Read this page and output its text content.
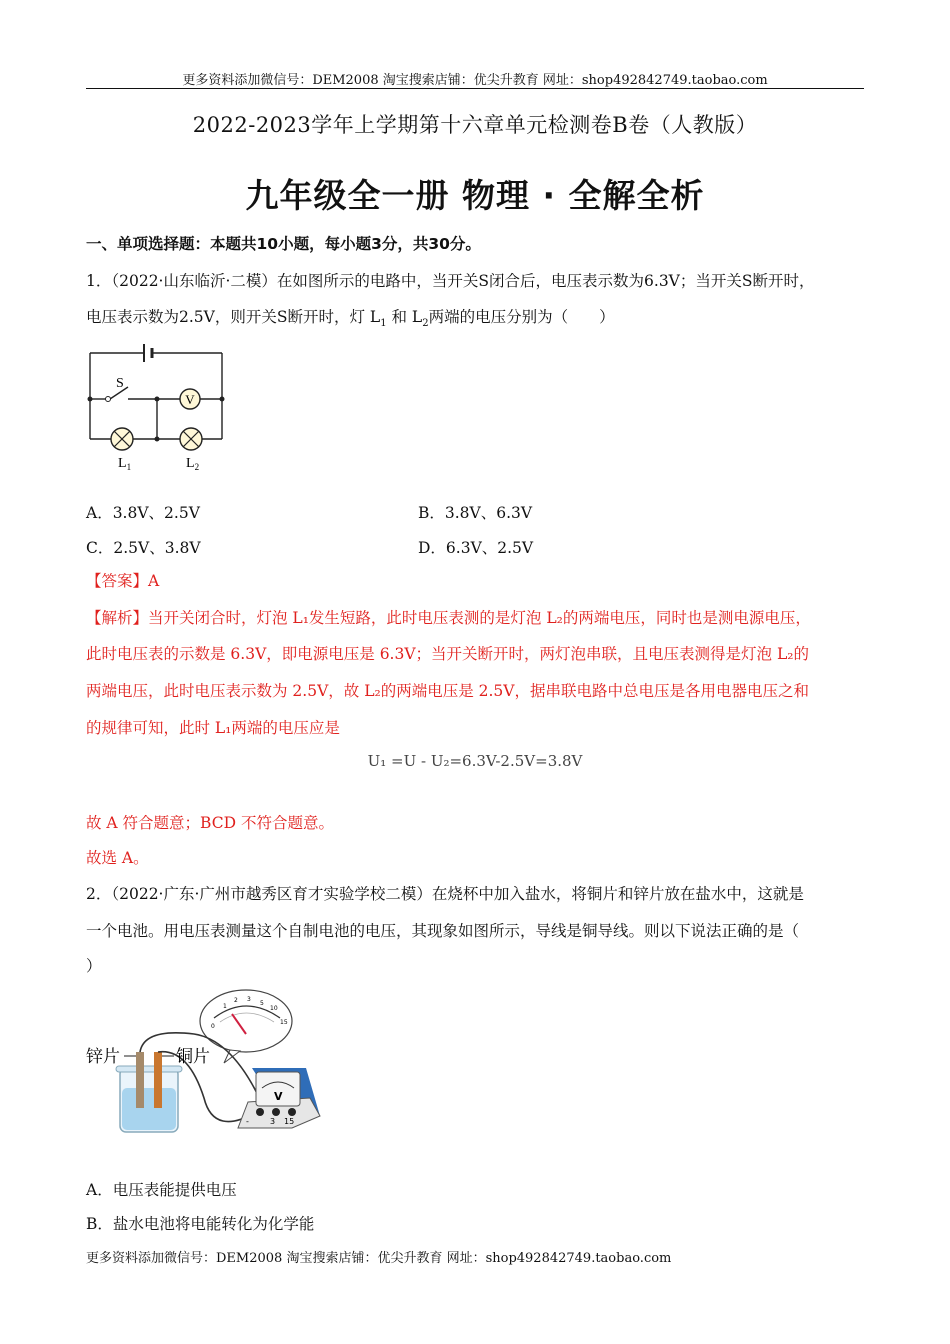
更多资料添加微信号：DEM2008 淘宝搜索店铺：优尖升教育 网址：shop492842749.taobao.com
2022-2023学年上学期第十六章单元检测卷B卷（人教版）
九年级全一册 物理 · 全解全析
一、单项选择题：本题共10小题，每小题3分，共30分。
1．（2022·山东临沂·二模）在如图所示的电路中，当开关S闭合后，电压表示数为6.3V；当开关S断开时，
电压表示数为2.5V，则开关S断开时，灯 $L_1$ 和 $L_2$两端的电压分别为（　　）
V
S
$L_1$	$L_2$
A．3.8V、2.5V	B．3.8V、6.3V
C．2.5V、3.8V	D．6.3V、2.5V
【答案】A
【解析】当开关闭合时，灯泡 L₁发生短路，此时电压表测的是灯泡 L₂的两端电压，同时也是测电源电压，
此时电压表的示数是 6.3V，即电源电压是 6.3V；当开关断开时，两灯泡串联，且电压表测得是灯泡 L₂的
两端电压，此时电压表示数为 2.5V，故 L₂的两端电压是 2.5V，据串联电路中总电压是各用电器电压之和
的规律可知，此时 L₁两端的电压应是
U₁ =U - U₂=6.3V-2.5V=3.8V
故 A 符合题意；BCD 不符合题意。
故选 A。
2．（2022·广东·广州市越秀区育才实验学校二模）在烧杯中加入盐水，将铜片和锌片放在盐水中，这就是
一个电池。用电压表测量这个自制电池的电压，其现象如图所示，导线是铜导线。则以下说法正确的是（
）
0
1
2 3
5
10
15
锌片	铜片
V
-	3 15
A．电压表能提供电压
B．盐水电池将电能转化为化学能
更多资料添加微信号：DEM2008 淘宝搜索店铺：优尖升教育 网址：shop492842749.taobao.com
